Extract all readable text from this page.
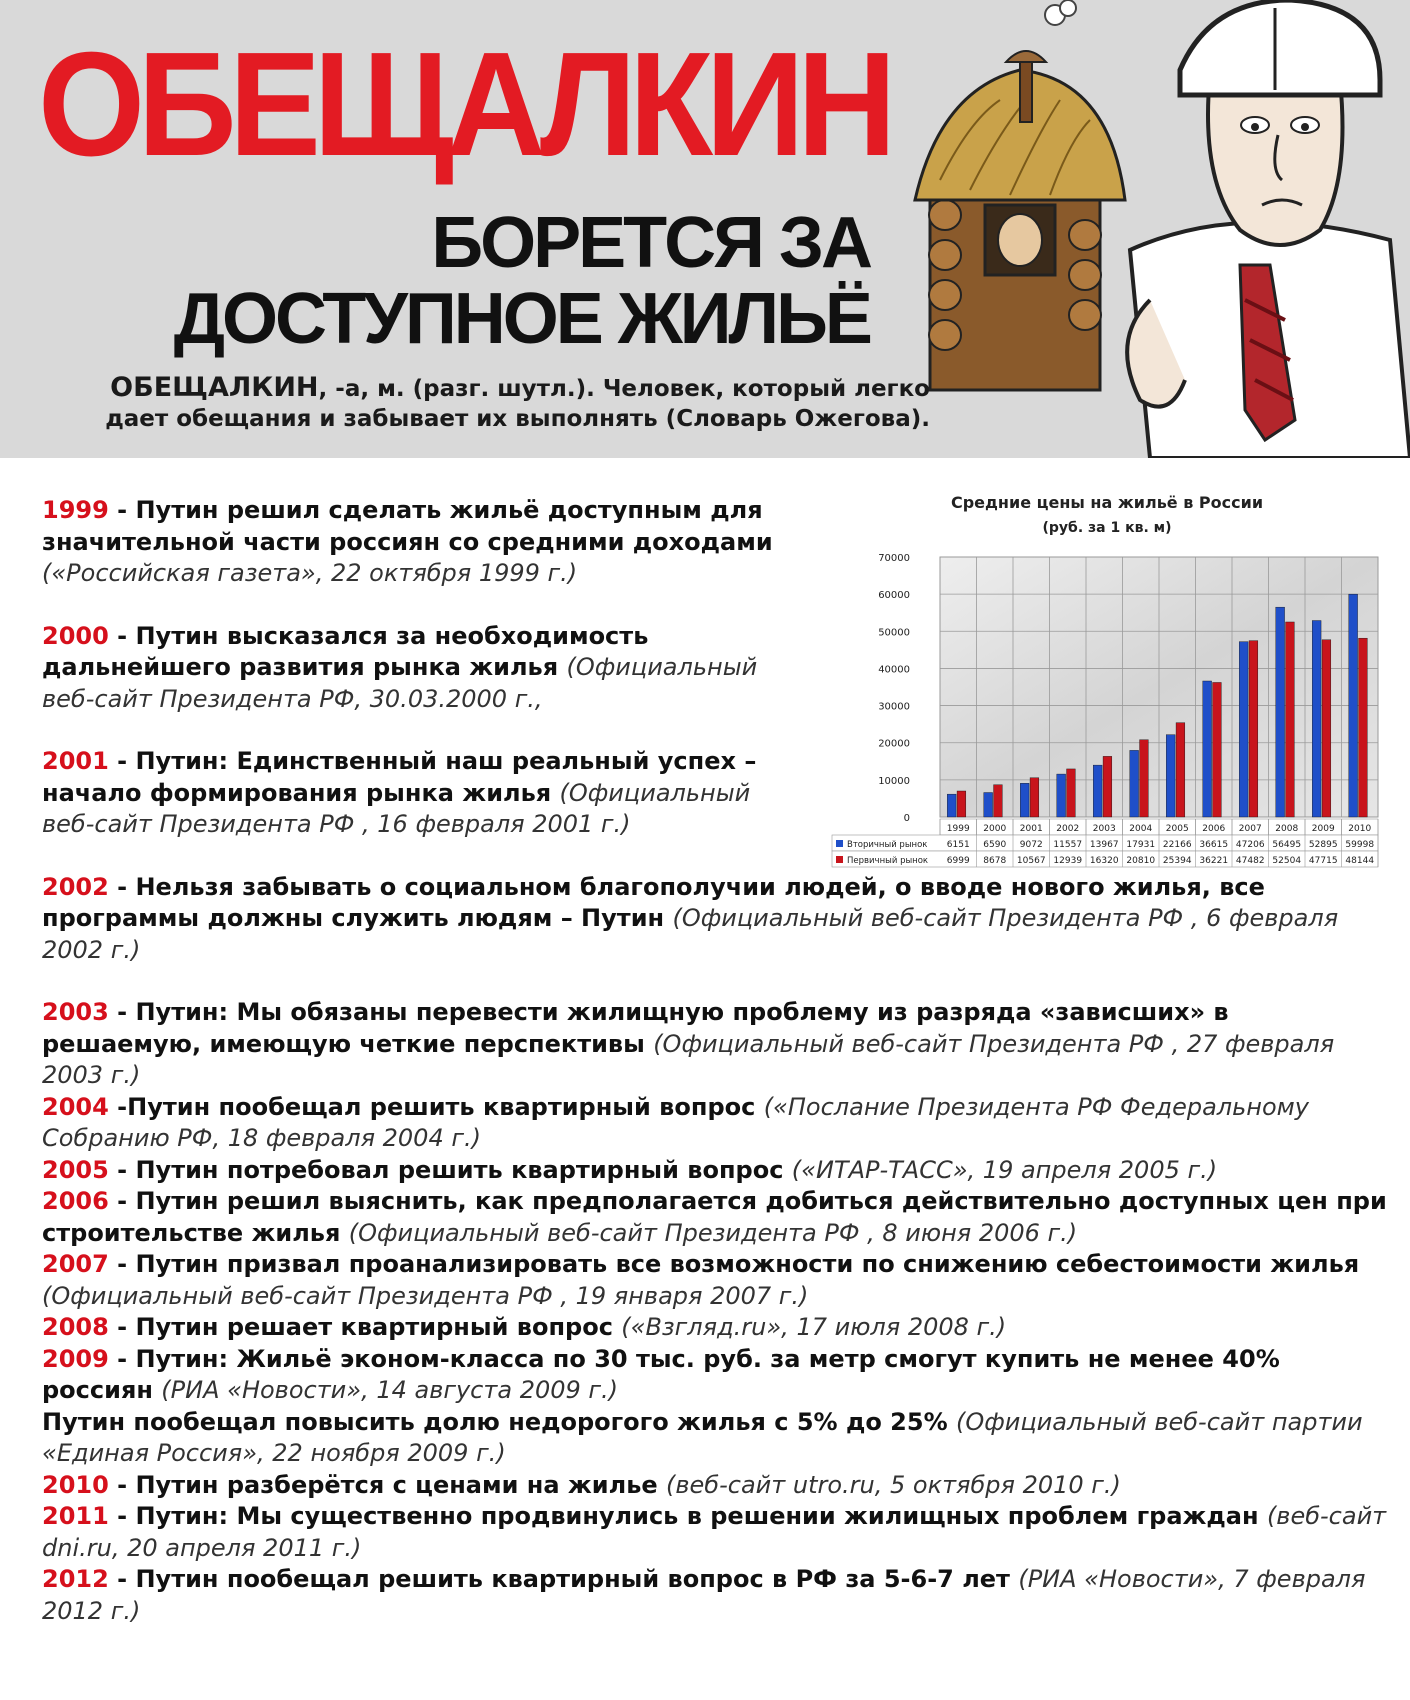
ОБЕЩАЛКИН
БОРЕТСЯ ЗА ДОСТУПНОЕ ЖИЛЬЁ
ОБЕЩАЛКИН, -а, м. (разг. шутл.). Человек, который легко дает обещания и забывает их выполнять (Словарь Ожегова).

1999 - Путин решил сделать жильё доступным для значительной части россиян со средними доходами («Российская газета», 22 октября 1999 г.)

2000 - Путин высказался за необходимость дальнейшего развития рынка жилья (Официальный веб-сайт Президента РФ, 30.03.2000 г.,

2001 - Путин: Единственный наш реальный успех – начало формирования рынка жилья (Официальный веб-сайт Президента РФ , 16 февраля 2001 г.)

2002 - Нельзя забывать о социальном благополучии людей, о вводе нового жилья, все программы должны служить людям – Путин (Официальный веб-сайт Президента РФ , 6 февраля 2002 г.)

2003 - Путин: Мы обязаны перевести жилищную проблему из разряда «зависших» в решаемую, имеющую четкие перспективы (Официальный веб-сайт Президента РФ , 27 февраля 2003 г.)

2004 -Путин пообещал решить квартирный вопрос («Послание Президента РФ Федеральному Собранию РФ, 18 февраля 2004 г.)

2005 - Путин потребовал решить квартирный вопрос («ИТАР-ТАСС», 19 апреля 2005 г.)

2006 - Путин решил выяснить, как предполагается добиться действительно доступных цен при строительстве жилья (Официальный веб-сайт Президента РФ , 8 июня 2006 г.)

2007 - Путин призвал проанализировать все возможности по снижению себестоимости жилья (Официальный веб-сайт Президента РФ , 19 января 2007 г.)

2008 - Путин решает квартирный вопрос («Взгляд.ru», 17 июля 2008 г.)

2009 - Путин: Жильё эконом-класса по 30 тыс. руб. за метр смогут купить не менее 40% россиян (РИА «Новости», 14 августа 2009 г.)

Путин пообещал повысить долю недорогого жилья с 5% до 25% (Официальный веб-сайт партии «Единая Россия», 22 ноября 2009 г.)

2010 - Путин разберётся с ценами на жилье (веб-сайт utro.ru, 5 октября 2010 г.)

2011 - Путин: Мы существенно продвинулись в решении жилищных проблем граждан (веб-сайт dni.ru, 20 апреля 2011 г.)

2012 - Путин пообещал решить квартирный вопрос в РФ за 5-6-7 лет (РИА «Новости», 7 февраля 2012 г.)

Средние цены на жильё в России
(руб. за 1 кв. м)
70000
60000
50000
40000
30000
20000
10000
0
1999 2000 2001 2002 2003 2004 2005 2006 2007 2008 2009 2010
Вторичный рынок 6151 6590 9072 11557 13967 17931 22166 36615 47206 56495 52895 59998
Первичный рынок 6999 8678 10567 12939 16320 20810 25394 36221 47482 52504 47715 48144
